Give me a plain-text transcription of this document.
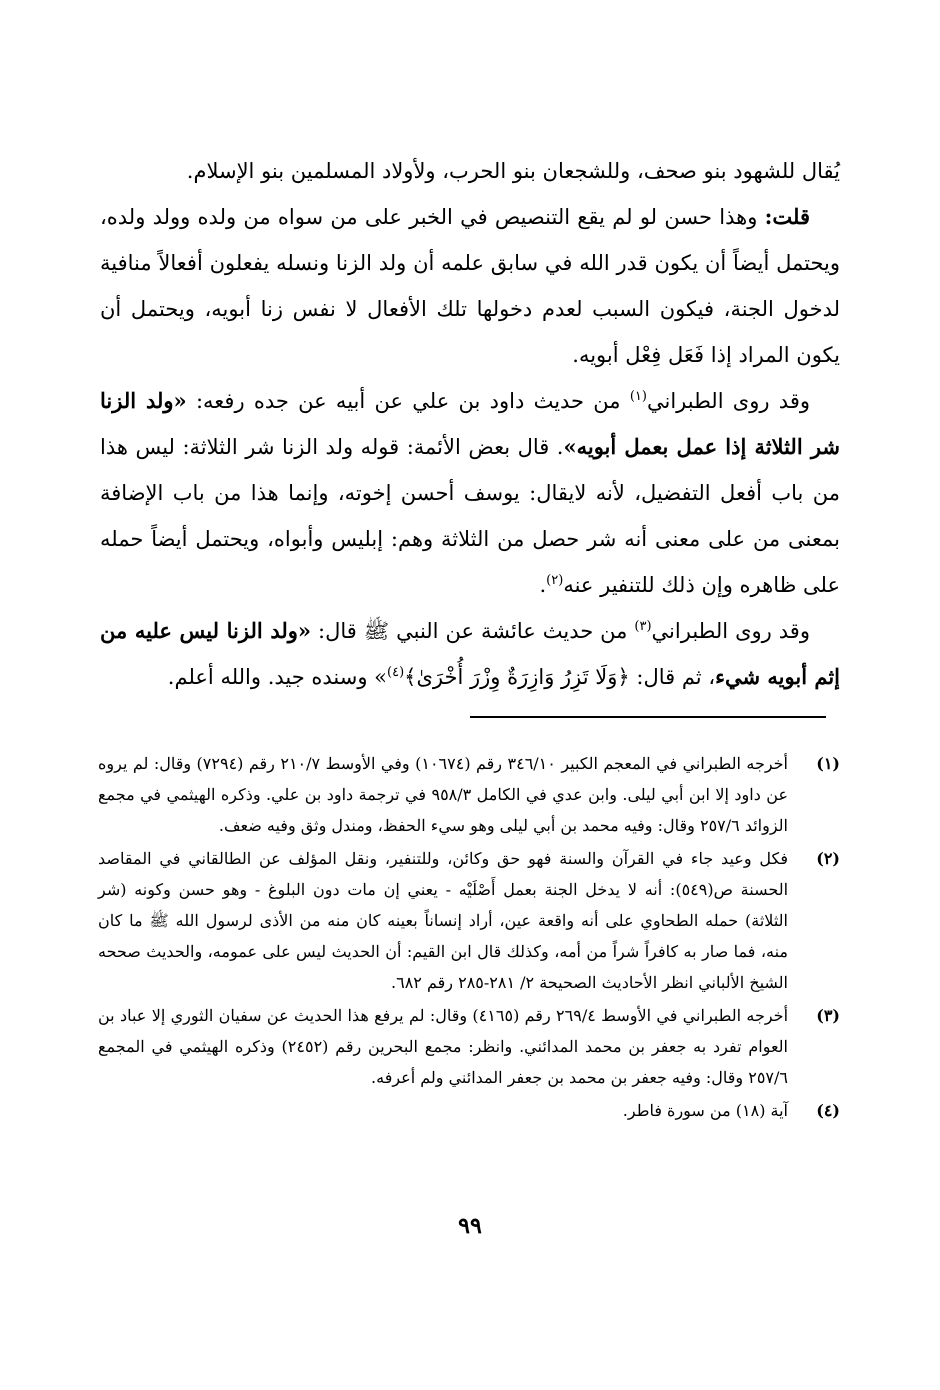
يُقال للشهود بنو صحف، وللشجعان بنو الحرب، ولأولاد المسلمين بنو الإسلام.

قلت: وهذا حسن لو لم يقع التنصيص في الخبر على من سواه من ولده وولد ولده، ويحتمل أيضاً أن يكون قدر الله في سابق علمه أن ولد الزنا ونسله يفعلون أفعالاً منافية لدخول الجنة، فيكون السبب لعدم دخولها تلك الأفعال لا نفس زنا أبويه، ويحتمل أن يكون المراد إذا فَعَل فِعْل أبويه.

وقد روى الطبراني$^{(١)}$ من حديث داود بن علي عن أبيه عن جده رفعه: «ولد الزنا شر الثلاثة إذا عمل بعمل أبويه». قال بعض الأئمة: قوله ولد الزنا شر الثلاثة: ليس هذا من باب أفعل التفضيل، لأنه لايقال: يوسف أحسن إخوته، وإنما هذا من باب الإضافة بمعنى من على معنى أنه شر حصل من الثلاثة وهم: إبليس وأبواه، ويحتمل أيضاً حمله على ظاهره وإن ذلك للتنفير عنه$^{(٢)}$.

وقد روى الطبراني$^{(٣)}$ من حديث عائشة عن النبي ﷺ قال: «ولد الزنا ليس عليه من إثم أبويه شيء، ثم قال: ﴿وَلَا تَزِرُ وَازِرَةٌ وِزْرَ أُخْرَىٰ﴾$^{(٤)}$» وسنده جيد. والله أعلم.

(١)
أخرجه الطبراني في المعجم الكبير ٣٤٦/١٠ رقم (١٠٦٧٤) وفي الأوسط ٢١٠/٧ رقم (٧٢٩٤) وقال: لم يروه عن داود إلا ابن أبي ليلى. وابن عدي في الكامل ٩٥٨/٣ في ترجمة داود بن علي. وذكره الهيثمي في مجمع الزوائد ٢٥٧/٦ وقال: وفيه محمد بن أبي ليلى وهو سيء الحفظ، ومندل وثق وفيه ضعف.
(٢)
فكل وعيد جاء في القرآن والسنة فهو حق وكائن، وللتنفير، ونقل المؤلف عن الطالقاني في المقاصد الحسنة ص(٥٤٩): أنه لا يدخل الجنة بعمل أَصْلَيْه - يعني إن مات دون البلوغ - وهو حسن وكونه (شر الثلاثة) حمله الطحاوي على أنه واقعة عين، أراد إنساناً بعينه كان منه من الأذى لرسول الله ﷺ ما كان منه، فما صار به كافراً شراً من أمه، وكذلك قال ابن القيم: أن الحديث ليس على عمومه، والحديث صححه الشيخ الألباني انظر الأحاديث الصحيحة ٢/ ٢٨١-٢٨٥ رقم ٦٨٢.
(٣)
أخرجه الطبراني في الأوسط ٢٦٩/٤ رقم (٤١٦٥) وقال: لم يرفع هذا الحديث عن سفيان الثوري إلا عباد بن العوام تفرد به جعفر بن محمد المدائني. وانظر: مجمع البحرين رقم (٢٤٥٢) وذكره الهيثمي في المجمع ٢٥٧/٦ وقال: وفيه جعفر بن محمد بن جعفر المدائني ولم أعرفه.
(٤)
آية (١٨) من سورة فاطر.
٩٩
